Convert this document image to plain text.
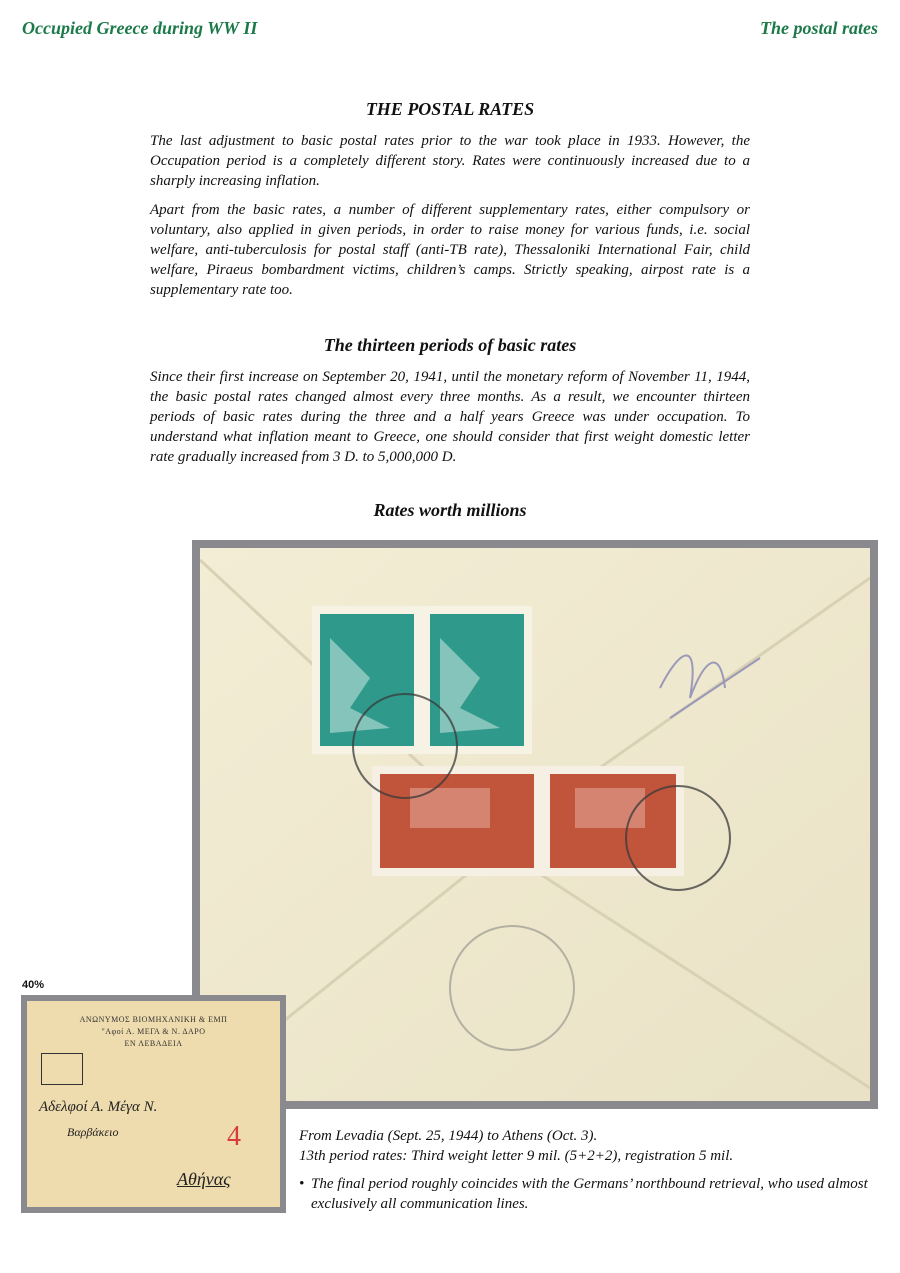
Occupied Greece during WW II	The postal rates
THE POSTAL RATES

The last adjustment to basic postal rates prior to the war took place in 1933. However, the Occupation period is a completely different story. Rates were continuously increased due to a sharply increasing inflation.

Apart from the basic rates, a number of different supplementary rates, either compulsory or voluntary, also applied in given periods, in order to raise money for various funds, i.e. social welfare, anti-tuberculosis for postal staff (anti-TB rate), Thessaloniki International Fair, child welfare, Piraeus bombardment victims, children’s camps. Strictly speaking, airpost rate is a supplementary rate too.

The thirteen periods of basic rates

Since their first increase on September 20, 1941, until the monetary reform of November 11, 1944, the basic postal rates changed almost every three months. As a result, we encounter thirteen periods of basic rates during the three and a half years Greece was under occupation. To understand what inflation meant to Greece, one should consider that first weight domestic letter rate gradually increased from 3 D. to 5,000,000 D.

Rates worth millions
40%
ΑΝΩΝΥΜΟΣ ΒΙΟΜΗΧΑΝΙΚΗ & ΕΜΠ
"Αφοί Α. ΜΕΓΑ & Ν. ΔΑΡΟ
ΕΝ ΛΕΒΑΔΕΙΑ
Αδελφοί Α. Μέγα Ν.
Βαρβάκειο
Αθήνας
4	From Levadia (Sept. 25, 1944) to Athens (Oct. 3).

13th period rates: Third weight letter 9 mil. (5+2+2), registration 5 mil.

• The final period roughly coincides with the Germans’ northbound retrieval, who used almost exclusively all communication lines.
